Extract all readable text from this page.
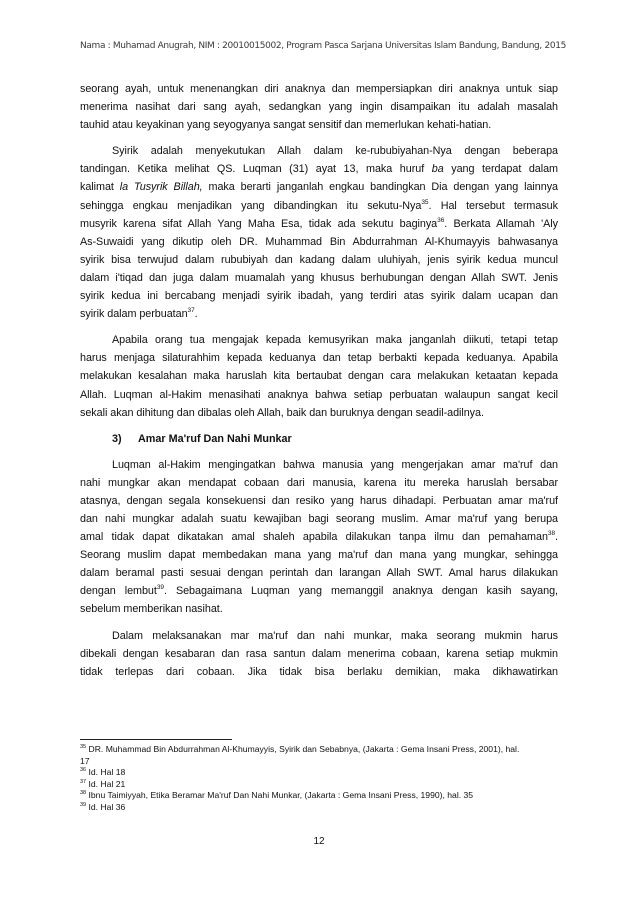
Nama : Muhamad Anugrah, NIM : 20010015002, Program Pasca Sarjana Universitas Islam Bandung, Bandung, 2015
seorang ayah, untuk menenangkan diri anaknya dan mempersiapkan diri anaknya untuk siap
menerima nasihat dari sang ayah, sedangkan yang ingin disampaikan itu adalah masalah
tauhid atau keyakinan yang seyogyanya sangat sensitif dan memerlukan kehati-hatian.
Syirik adalah menyekutukan Allah dalam ke-rububiyahan-Nya dengan beberapa
tandingan. Ketika melihat QS. Luqman (31) ayat 13, maka huruf ba yang terdapat dalam
kalimat la Tusyrik Billah, maka berarti janganlah engkau bandingkan Dia dengan yang lainnya
sehingga engkau menjadikan yang dibandingkan itu sekutu-Nya$^{35}$. Hal tersebut termasuk
musyrik karena sifat Allah Yang Maha Esa, tidak ada sekutu baginya$^{36}$. Berkata Allamah 'Aly
As-Suwaidi yang dikutip oleh DR. Muhammad Bin Abdurrahman Al-Khumayyis bahwasanya
syirik bisa terwujud dalam rububiyah dan kadang dalam uluhiyah, jenis syirik kedua muncul
dalam i'tiqad dan juga dalam muamalah yang khusus berhubungan dengan Allah SWT. Jenis
syirik kedua ini bercabang menjadi syirik ibadah, yang terdiri atas syirik dalam ucapan dan
syirik dalam perbuatan$^{37}$.
Apabila orang tua mengajak kepada kemusyrikan maka janganlah diikuti, tetapi tetap
harus menjaga silaturahhim kepada keduanya dan tetap berbakti kepada keduanya. Apabila
melakukan kesalahan maka haruslah kita bertaubat dengan cara melakukan ketaatan kepada
Allah. Luqman al-Hakim menasihati anaknya bahwa setiap perbuatan walaupun sangat kecil
sekali akan dihitung dan dibalas oleh Allah, baik dan buruknya dengan seadil-adilnya.
3) Amar Ma'ruf Dan Nahi Munkar
Luqman al-Hakim mengingatkan bahwa manusia yang mengerjakan amar ma'ruf dan
nahi mungkar akan mendapat cobaan dari manusia, karena itu mereka haruslah bersabar
atasnya, dengan segala konsekuensi dan resiko yang harus dihadapi. Perbuatan amar ma'ruf
dan nahi mungkar adalah suatu kewajiban bagi seorang muslim. Amar ma'ruf yang berupa
amal tidak dapat dikatakan amal shaleh apabila dilakukan tanpa ilmu dan pemahaman$^{38}$.
Seorang muslim dapat membedakan mana yang ma'ruf dan mana yang mungkar, sehingga
dalam beramal pasti sesuai dengan perintah dan larangan Allah SWT. Amal harus dilakukan
dengan lembut$^{39}$. Sebagaimana Luqman yang memanggil anaknya dengan kasih sayang,
sebelum memberikan nasihat.
Dalam melaksanakan mar ma'ruf dan nahi munkar, maka seorang mukmin harus
dibekali dengan kesabaran dan rasa santun dalam menerima cobaan, karena setiap mukmin
tidak terlepas dari cobaan. Jika tidak bisa berlaku demikian, maka dikhawatirkan

$^{35}$ DR. Muhammad Bin Abdurrahman Al-Khumayyis, Syirik dan Sebabnya, (Jakarta : Gema Insani Press, 2001), hal.
17

$^{36}$ Id. Hal 18

$^{37}$ Id. Hal 21

$^{38}$ Ibnu Taimiyyah, Etika Beramar Ma'ruf Dan Nahi Munkar, (Jakarta : Gema Insani Press, 1990), hal. 35

$^{39}$ Id. Hal 36

12
